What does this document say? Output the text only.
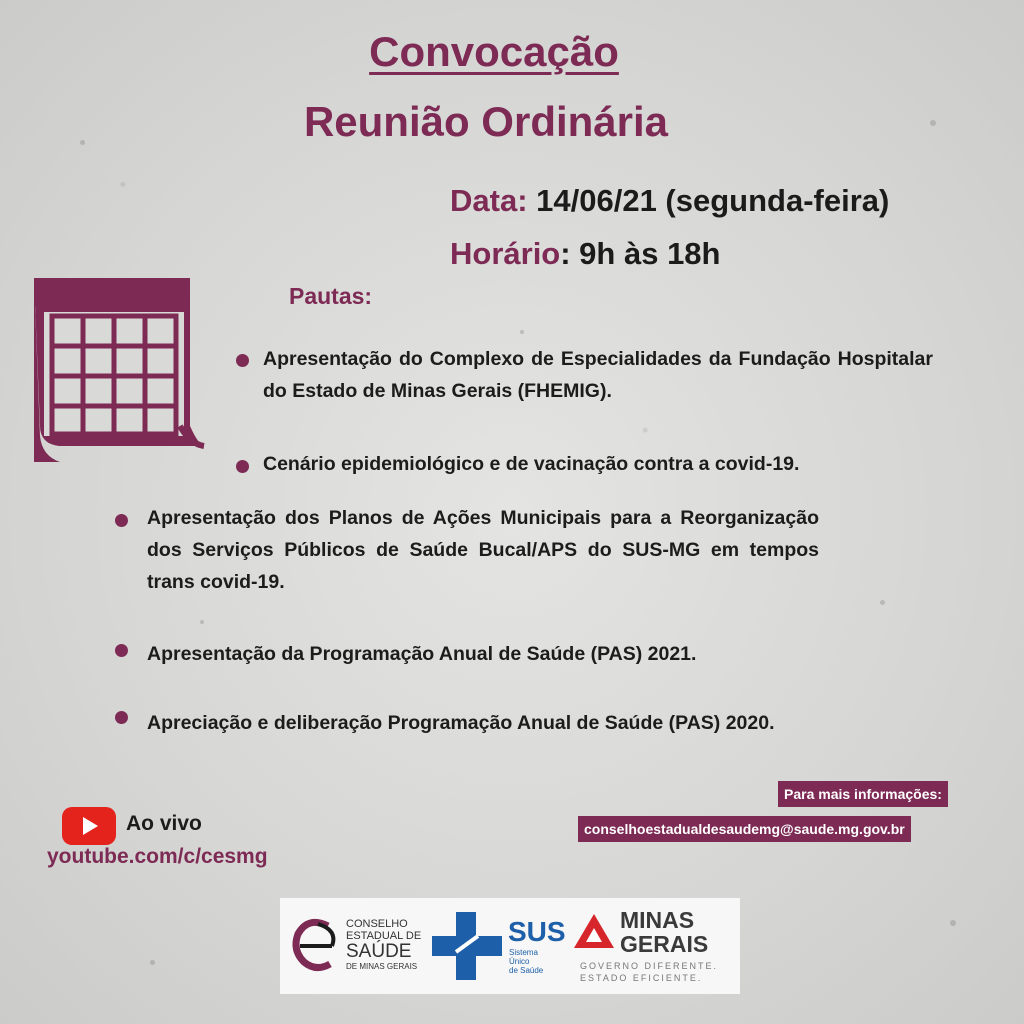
Convocação
Reunião Ordinária
Data: 14/06/21 (segunda-feira)
Horário: 9h às 18h
Pautas:
Apresentação do Complexo de Especialidades da Fundação Hospitalar do Estado de Minas Gerais (FHEMIG).
Cenário epidemiológico e de vacinação contra a covid-19.
Apresentação dos Planos de Ações Municipais para a Reorganização dos Serviços Públicos de Saúde Bucal/APS do SUS-MG em tempos trans covid-19.
Apresentação da Programação Anual de Saúde (PAS) 2021.
Apreciação e deliberação Programação Anual de Saúde (PAS) 2020.
Para mais informações:
conselhoestadualdesaudemg@saude.mg.gov.br
Ao vivo
youtube.com/c/cesmg
CONSELHO
ESTADUAL DE
SAÚDE
DE MINAS GERAIS
SUS
Sistema
Único
de Saúde
MINAS
GERAIS
GOVERNO DIFERENTE.
ESTADO EFICIENTE.
